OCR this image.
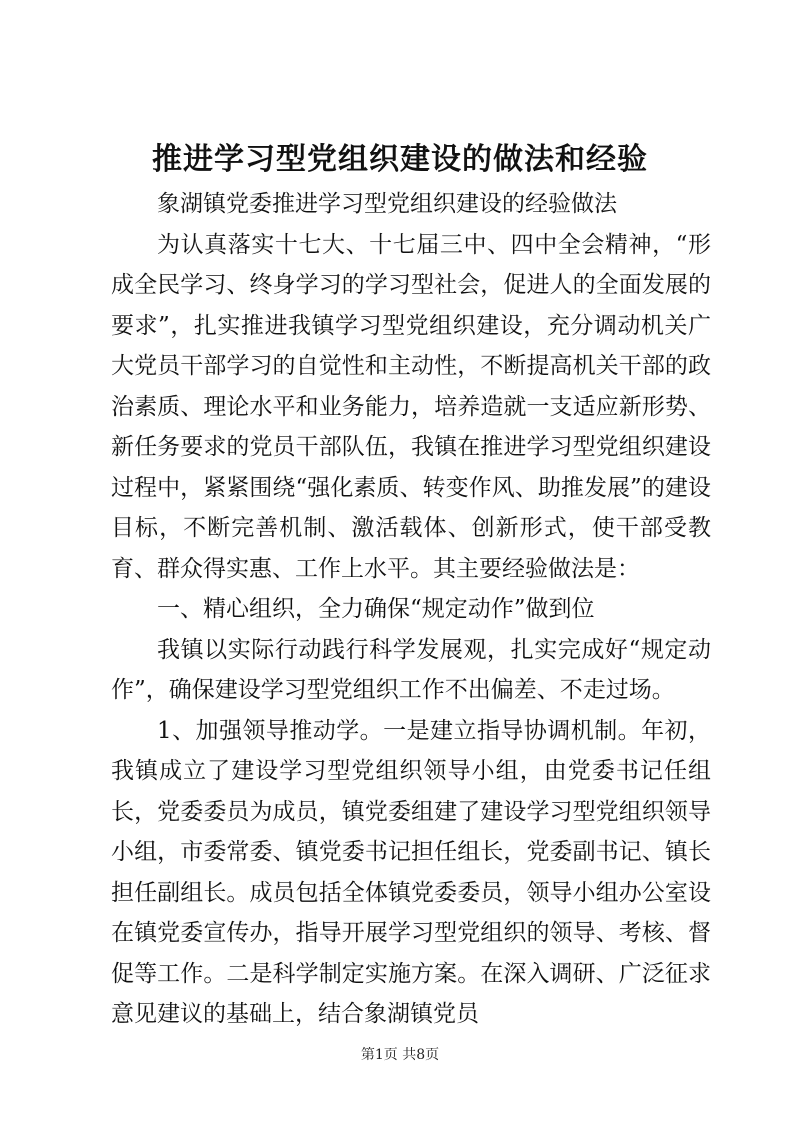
推进学习型党组织建设的做法和经验

象湖镇党委推进学习型党组织建设的经验做法

为认真落实十七大、十七届三中、四中全会精神，“形成全民学习、终身学习的学习型社会，促进人的全面发展的要求”，扎实推进我镇学习型党组织建设，充分调动机关广大党员干部学习的自觉性和主动性，不断提高机关干部的政治素质、理论水平和业务能力，培养造就一支适应新形势、新任务要求的党员干部队伍，我镇在推进学习型党组织建设过程中，紧紧围绕“强化素质、转变作风、助推发展”的建设目标，不断完善机制、激活载体、创新形式，使干部受教育、群众得实惠、工作上水平。其主要经验做法是：

一、精心组织，全力确保“规定动作”做到位

我镇以实际行动践行科学发展观，扎实完成好“规定动作”，确保建设学习型党组织工作不出偏差、不走过场。

1、加强领导推动学。一是建立指导协调机制。年初，我镇成立了建设学习型党组织领导小组，由党委书记任组长，党委委员为成员，镇党委组建了建设学习型党组织领导小组，市委常委、镇党委书记担任组长，党委副书记、镇长担任副组长。成员包括全体镇党委委员，领导小组办公室设在镇党委宣传办，指导开展学习型党组织的领导、考核、督促等工作。二是科学制定实施方案。在深入调研、广泛征求意见建议的基础上，结合象湖镇党员

第1页 共8页
